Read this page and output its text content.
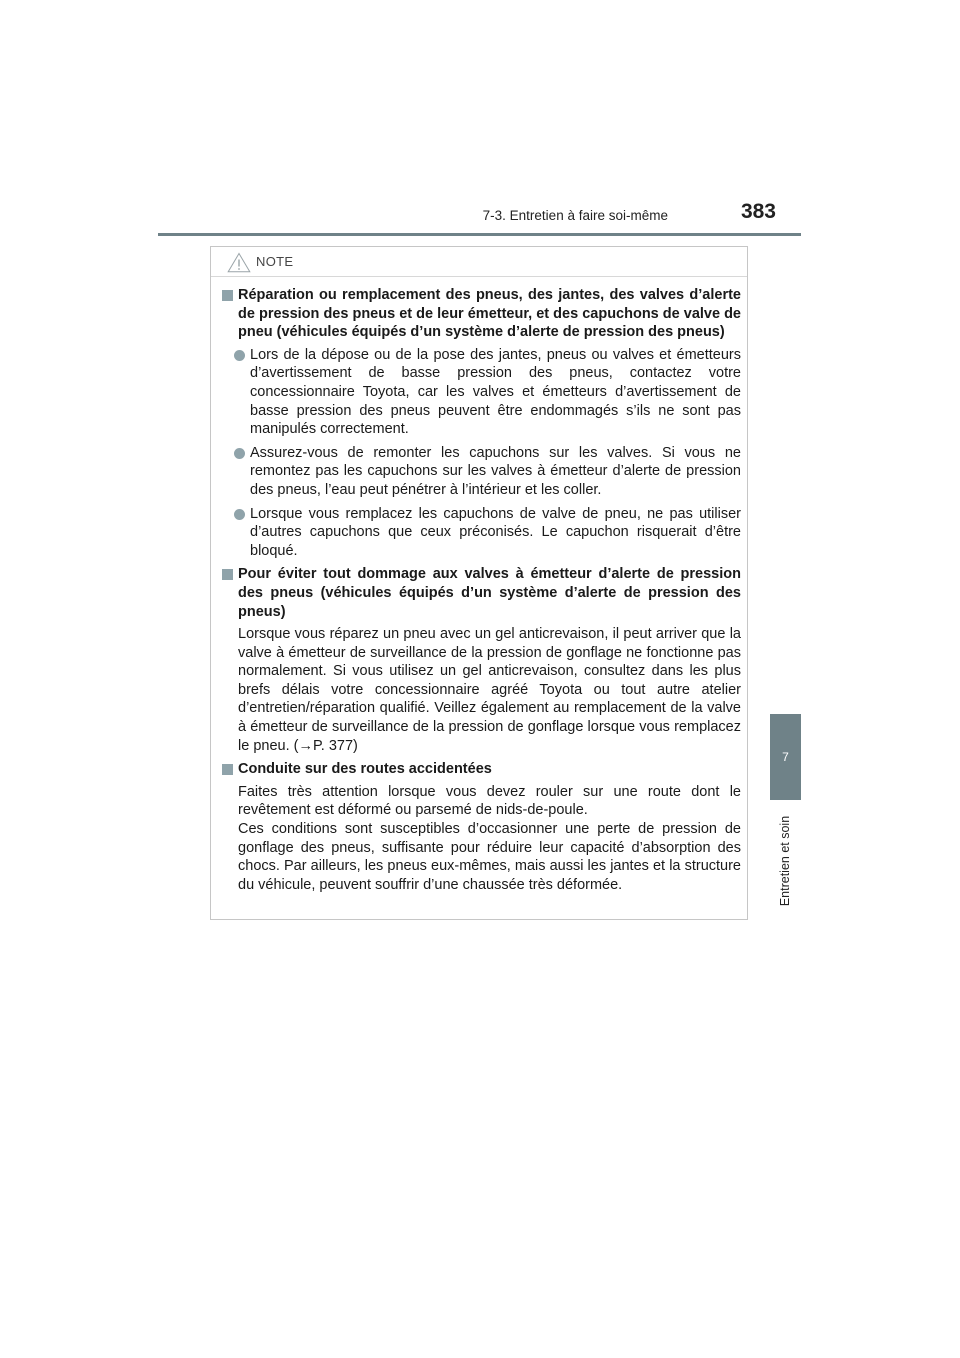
7-3. Entretien à faire soi-même	383
7
Entretien et soin
NOTE
Réparation ou remplacement des pneus, des jantes, des valves d’alerte de pression des pneus et de leur émetteur, et des capuchons de valve de pneu (véhicules équipés d’un système d’alerte de pression des pneus)
Lors de la dépose ou de la pose des jantes, pneus ou valves et émetteurs d’avertissement de basse pression des pneus, contactez votre concessionnaire Toyota, car les valves et émetteurs d’avertissement de basse pression des pneus peuvent être endommagés s’ils ne sont pas manipulés correctement.
Assurez-vous de remonter les capuchons sur les valves. Si vous ne remontez pas les capuchons sur les valves à émetteur d’alerte de pression des pneus, l’eau peut pénétrer à l’intérieur et les coller.
Lorsque vous remplacez les capuchons de valve de pneu, ne pas utiliser d’autres capuchons que ceux préconisés. Le capuchon risquerait d’être bloqué.
Pour éviter tout dommage aux valves à émetteur d’alerte de pression des pneus (véhicules équipés d’un système d’alerte de pression des pneus)
Lorsque vous réparez un pneu avec un gel anticrevaison, il peut arriver que la valve à émetteur de surveillance de la pression de gonflage ne fonctionne pas normalement. Si vous utilisez un gel anticrevaison, consultez dans les plus brefs délais votre concessionnaire agréé Toyota ou tout autre atelier d’entretien/réparation qualifié. Veillez également au remplacement de la valve à émetteur de surveillance de la pression de gonflage lorsque vous remplacez le pneu. (→P. 377)
Conduite sur des routes accidentées
Faites très attention lorsque vous devez rouler sur une route dont le revêtement est déformé ou parsemé de nids-de-poule.
Ces conditions sont susceptibles d’occasionner une perte de pression de gonflage des pneus, suffisante pour réduire leur capacité d’absorption des chocs. Par ailleurs, les pneus eux-mêmes, mais aussi les jantes et la structure du véhicule, peuvent souffrir d’une chaussée très déformée.
